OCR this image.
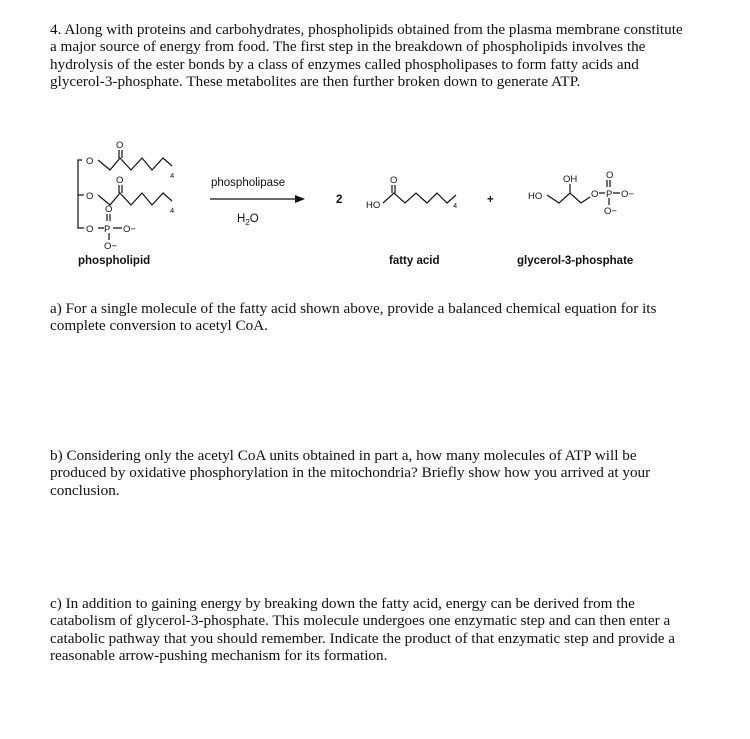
4. Along with proteins and carbohydrates, phospholipids obtained from the plasma membrane constitute a major source of energy from food. The first step in the breakdown of phospholipids involves the hydrolysis of the ester bonds by a class of enzymes called phospholipases to form fatty acids and glycerol-3-phosphate. These metabolites are then further broken down to generate ATP.

O
O
O
O	4
4
O P
O
O−
O−
HO
O
4
HO
OH
O P
O
O−
O−
phospholipase
$H_2O$
2	+
phospholipid	fatty acid	glycerol-3-phosphate

a) For a single molecule of the fatty acid shown above, provide a balanced chemical equation for its complete conversion to acetyl CoA.

b) Considering only the acetyl CoA units obtained in part a, how many molecules of ATP will be produced by oxidative phosphorylation in the mitochondria? Briefly show how you arrived at your conclusion.

c) In addition to gaining energy by breaking down the fatty acid, energy can be derived from the catabolism of glycerol-3-phosphate. This molecule undergoes one enzymatic step and can then enter a catabolic pathway that you should remember. Indicate the product of that enzymatic step and provide a reasonable arrow-pushing mechanism for its formation.
